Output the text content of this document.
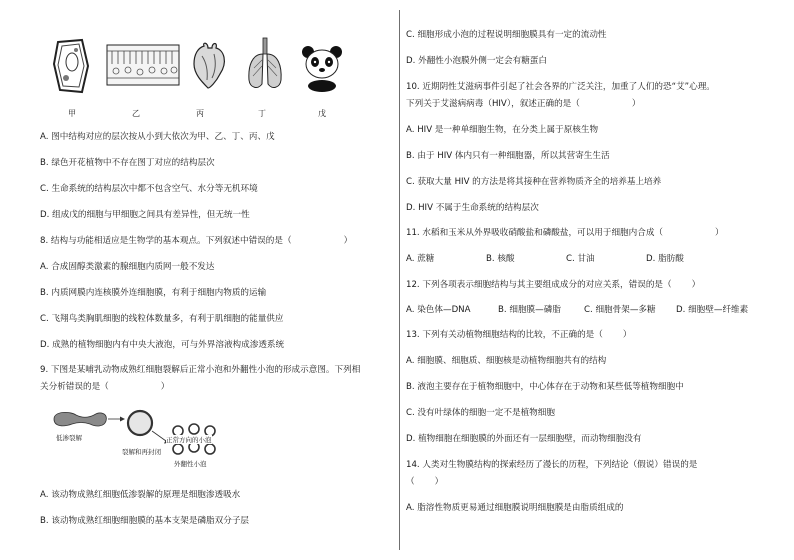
甲	乙	丙	丁	戊
A. 图中结构对应的层次按从小到大依次为甲、乙、丁、丙、戊
B. 绿色开花植物中不存在图丁对应的结构层次
C. 生命系统的结构层次中都不包含空气、水分等无机环境
D. 组成戊的细胞与甲细胞之间具有差异性，但无统一性
8. 结构与功能相适应是生物学的基本观点。下列叙述中错误的是（	）
A. 合成固醇类激素的腺细胞内质网一般不发达
B. 内质网膜内连核膜外连细胞膜，有利于细胞内物质的运输
C. 飞翔鸟类胸肌细胞的线粒体数量多，有利于肌细胞的能量供应
D. 成熟的植物细胞内有中央大液泡，可与外界溶液构成渗透系统
9. 下图是某哺乳动物成熟红细胞裂解后正常小泡和外翻性小泡的形成示意图。下列相
关分析错误的是（	）
低渗裂解
裂解和再封闭
正常方向的小泡
外翻性小泡
A. 该动物成熟红细胞低渗裂解的原理是细胞渗透吸水
B. 该动物成熟红细胞细胞膜的基本支架是磷脂双分子层
C. 细胞形成小泡的过程说明细胞膜具有一定的流动性
D. 外翻性小泡膜外侧一定会有糖蛋白
10. 近期阴性艾滋病事件引起了社会各界的广泛关注，加重了人们的恐“艾”心理。
下列关于艾滋病病毒（HIV），叙述正确的是（	）
A. HIV 是一种单细胞生物，在分类上属于原核生物
B. 由于 HIV 体内只有一种细胞器，所以其营寄生生活
C. 获取大量 HIV 的方法是将其接种在营养物质齐全的培养基上培养
D. HIV 不属于生命系统的结构层次
11. 水稻和玉米从外界吸收硝酸盐和磷酸盐，可以用于细胞内合成（	）
A. 蔗糖	B. 核酸	C. 甘油	D. 脂肪酸
12. 下列各项表示细胞结构与其主要组成成分的对应关系，错误的是（ ）
A. 染色体—DNA	B. 细胞膜—磷脂	C. 细胞骨架—多糖 D. 细胞壁—纤维素
13. 下列有关动植物细胞结构的比较，不正确的是（ ）
A. 细胞膜、细胞质、细胞核是动植物细胞共有的结构
B. 液泡主要存在于植物细胞中，中心体存在于动物和某些低等植物细胞中
C. 没有叶绿体的细胞一定不是植物细胞
D. 植物细胞在细胞膜的外面还有一层细胞壁，而动物细胞没有
14. 人类对生物膜结构的探索经历了漫长的历程，下列结论（假说）错误的是
（ ）
A. 脂溶性物质更易通过细胞膜说明细胞膜是由脂质组成的
